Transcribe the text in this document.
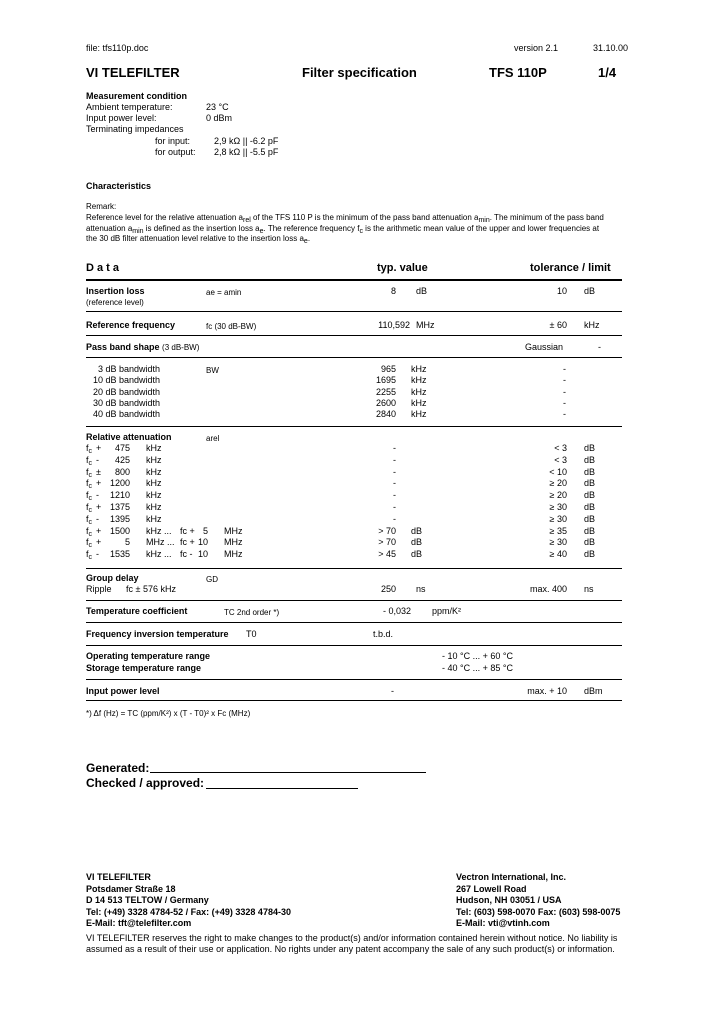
file: tfs110p.doc	version 2.1	31.10.00
VI TELEFILTER	Filter specification	TFS 110P	1/4
Measurement condition
Ambient temperature:	23 °C
Input power level:	0 dBm
Terminating impedances
for input:	2,9 kΩ || -6.2 pF
for output: 2,8 kΩ || -5.5 pF
Characteristics
Remark:
Reference level for the relative attenuation $a_{rel}$ of the TFS 110 P is the minimum of the pass band attenuation $a_{min}$. The minimum of the pass band
attenuation $a_{min}$ is defined as the insertion loss $a_e$. The reference frequency $f_c$ is the arithmetic mean value of the upper and lower frequencies at
the 30 dB filter attenuation level relative to the insertion loss $a_e$.
D a t a	typ. value	tolerance / limit
Insertion loss
(reference level)
ae = amin	8 dB	10 dB
Reference frequency	fc (30 dB-BW)	110,592 MHz	± 60 kHz
Pass band shape (3 dB-BW)	Gaussian	-
3 dB bandwidth	BW	965 kHz	-
10 dB bandwidth	1695 kHz	-
20 dB bandwidth	2255 kHz	-
30 dB bandwidth	2600 kHz	-
40 dB bandwidth	2840 kHz	-
Relative attenuation	arel
$f_c$ +	475 kHz	-	< 3 dB
$f_c$ -	425 kHz	-	< 3 dB
$f_c$ ±	800 kHz	-	< 10 dB
$f_c + 1200$ kHz	-	≥ 20 dB
$f_c$ -	1210 kHz	-	≥ 20 dB
$f_c + 1375$ kHz	-	≥ 30 dB
$f_c$ -	1395 kHz	-	≥ 30 dB
$f_c + 1500$ kHz ... fc + 5 MHz	> 70 dB	≥ 35 dB
$f_c$ +	5 MHz ... fc + 10 MHz	> 70 dB	≥ 30 dB
$f_c$ -	1535 kHz ... fc - 10 MHz	> 45 dB	≥ 40 dB
Group delay	GD
Ripple fc ± 576 kHz	250 ns	max. 400 ns
Temperature coefficient	TC 2nd order *)	- 0,032 ppm/K²
Frequency inversion temperature T0	t.b.d.
Operating temperature range	- 10 °C ... + 60 °C
Storage temperature range	- 40 °C ... + 85 °C
Input power level	-	max. + 10 dBm
*) Δf (Hz) = TC (ppm/K²) x (T - T0)² x Fc (MHz)
Generated:
Checked / approved:
VI TELEFILTER
Potsdamer Straße 18
D 14 513 TELTOW / Germany
Tel: (+49) 3328 4784-52 / Fax: (+49) 3328 4784-30
E-Mail: tft@telefilter.com
Vectron International, Inc.
267 Lowell Road
Hudson, NH 03051 / USA
Tel: (603) 598-0070 Fax: (603) 598-0075
E-Mail: vti@vtinh.com
VI TELEFILTER reserves the right to make changes to the product(s) and/or information contained herein without notice. No liability is
assumed as a result of their use or application. No rights under any patent accompany the sale of any such product(s) or information.
